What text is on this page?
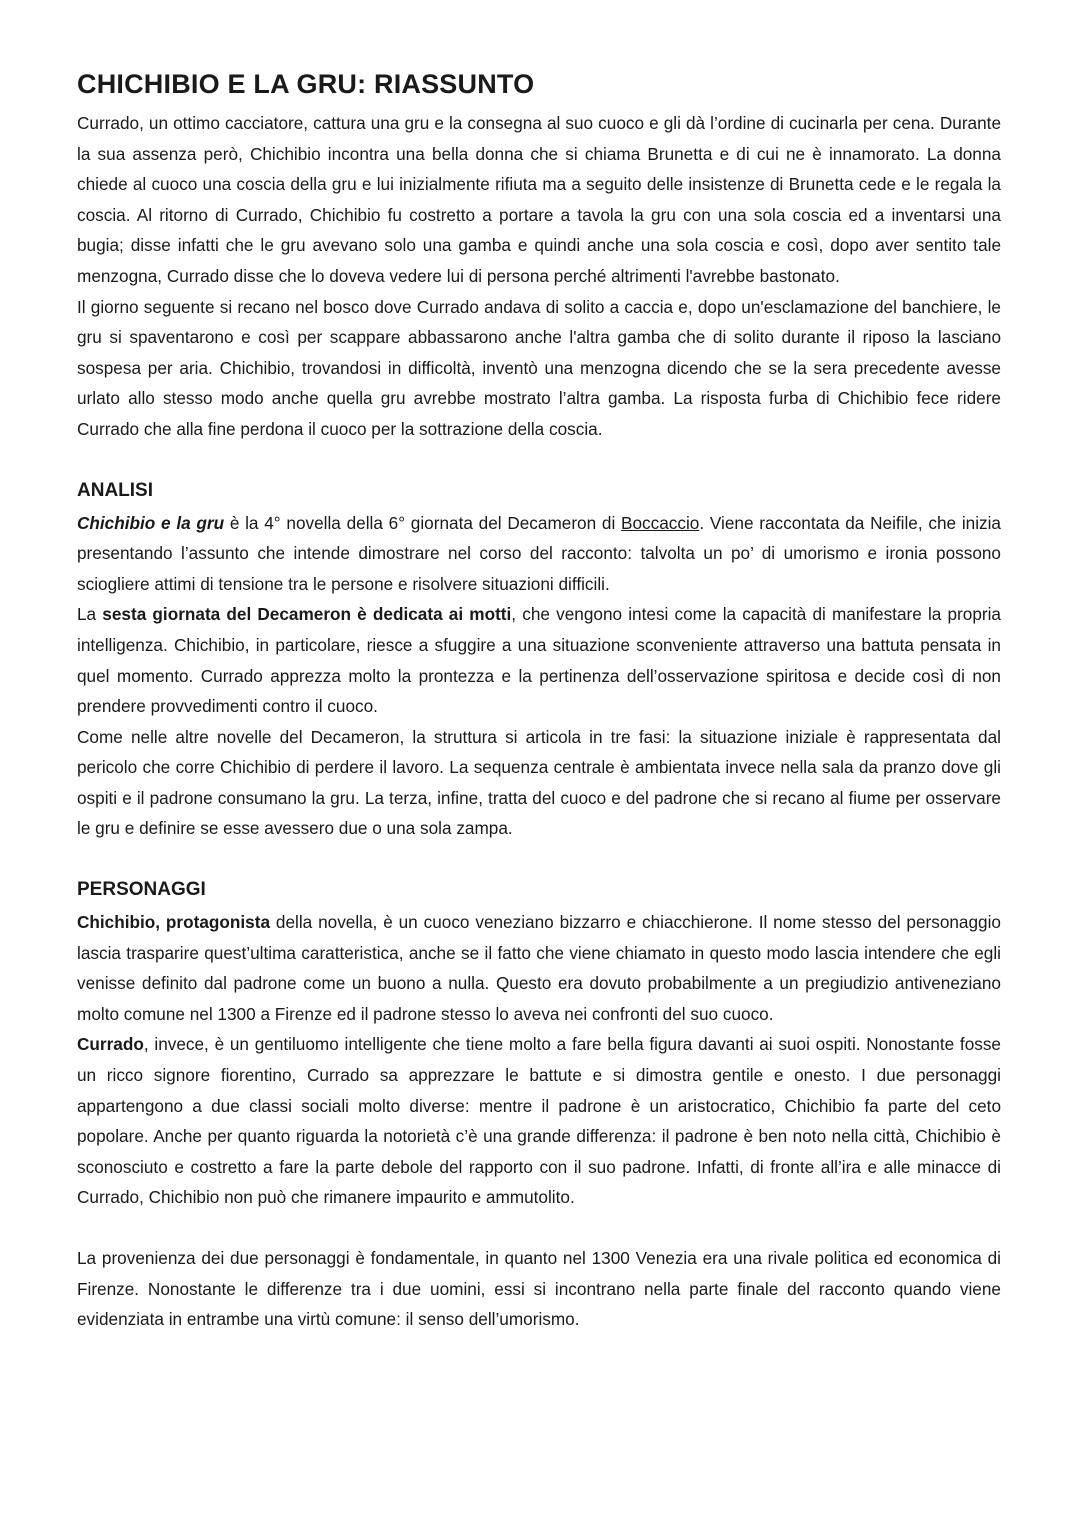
CHICHIBIO E LA GRU: RIASSUNTO

Currado, un ottimo cacciatore, cattura una gru e la consegna al suo cuoco e gli dà l’ordine di cucinarla per cena. Durante la sua assenza però, Chichibio incontra una bella donna che si chiama Brunetta e di cui ne è innamorato. La donna chiede al cuoco una coscia della gru e lui inizialmente rifiuta ma a seguito delle insistenze di Brunetta cede e le regala la coscia. Al ritorno di Currado, Chichibio fu costretto a portare a tavola la gru con una sola coscia ed a inventarsi una bugia; disse infatti che le gru avevano solo una gamba e quindi anche una sola coscia e così, dopo aver sentito tale menzogna, Currado disse che lo doveva vedere lui di persona perché altrimenti l'avrebbe bastonato.

Il giorno seguente si recano nel bosco dove Currado andava di solito a caccia e, dopo un'esclamazione del banchiere, le gru si spaventarono e così per scappare abbassarono anche l'altra gamba che di solito durante il riposo la lasciano sospesa per aria. Chichibio, trovandosi in difficoltà, inventò una menzogna dicendo che se la sera precedente avesse urlato allo stesso modo anche quella gru avrebbe mostrato l’altra gamba. La risposta furba di Chichibio fece ridere Currado che alla fine perdona il cuoco per la sottrazione della coscia.

ANALISI

Chichibio e la gru è la 4° novella della 6° giornata del Decameron di Boccaccio. Viene raccontata da Neifile, che inizia presentando l’assunto che intende dimostrare nel corso del racconto: talvolta un po’ di umorismo e ironia possono sciogliere attimi di tensione tra le persone e risolvere situazioni difficili.

La sesta giornata del Decameron è dedicata ai motti, che vengono intesi come la capacità di manifestare la propria intelligenza. Chichibio, in particolare, riesce a sfuggire a una situazione sconveniente attraverso una battuta pensata in quel momento. Currado apprezza molto la prontezza e la pertinenza dell’osservazione spiritosa e decide così di non prendere provvedimenti contro il cuoco.

Come nelle altre novelle del Decameron, la struttura si articola in tre fasi: la situazione iniziale è rappresentata dal pericolo che corre Chichibio di perdere il lavoro. La sequenza centrale è ambientata invece nella sala da pranzo dove gli ospiti e il padrone consumano la gru. La terza, infine, tratta del cuoco e del padrone che si recano al fiume per osservare le gru e definire se esse avessero due o una sola zampa.

PERSONAGGI

Chichibio, protagonista della novella, è un cuoco veneziano bizzarro e chiacchierone. Il nome stesso del personaggio lascia trasparire quest’ultima caratteristica, anche se il fatto che viene chiamato in questo modo lascia intendere che egli venisse definito dal padrone come un buono a nulla. Questo era dovuto probabilmente a un pregiudizio antiveneziano molto comune nel 1300 a Firenze ed il padrone stesso lo aveva nei confronti del suo cuoco.

Currado, invece, è un gentiluomo intelligente che tiene molto a fare bella figura davanti ai suoi ospiti. Nonostante fosse un ricco signore fiorentino, Currado sa apprezzare le battute e si dimostra gentile e onesto. I due personaggi appartengono a due classi sociali molto diverse: mentre il padrone è un aristocratico, Chichibio fa parte del ceto popolare. Anche per quanto riguarda la notorietà c’è una grande differenza: il padrone è ben noto nella città, Chichibio è sconosciuto e costretto a fare la parte debole del rapporto con il suo padrone. Infatti, di fronte all’ira e alle minacce di Currado, Chichibio non può che rimanere impaurito e ammutolito.

La provenienza dei due personaggi è fondamentale, in quanto nel 1300 Venezia era una rivale politica ed economica di Firenze. Nonostante le differenze tra i due uomini, essi si incontrano nella parte finale del racconto quando viene evidenziata in entrambe una virtù comune: il senso dell’umorismo.
